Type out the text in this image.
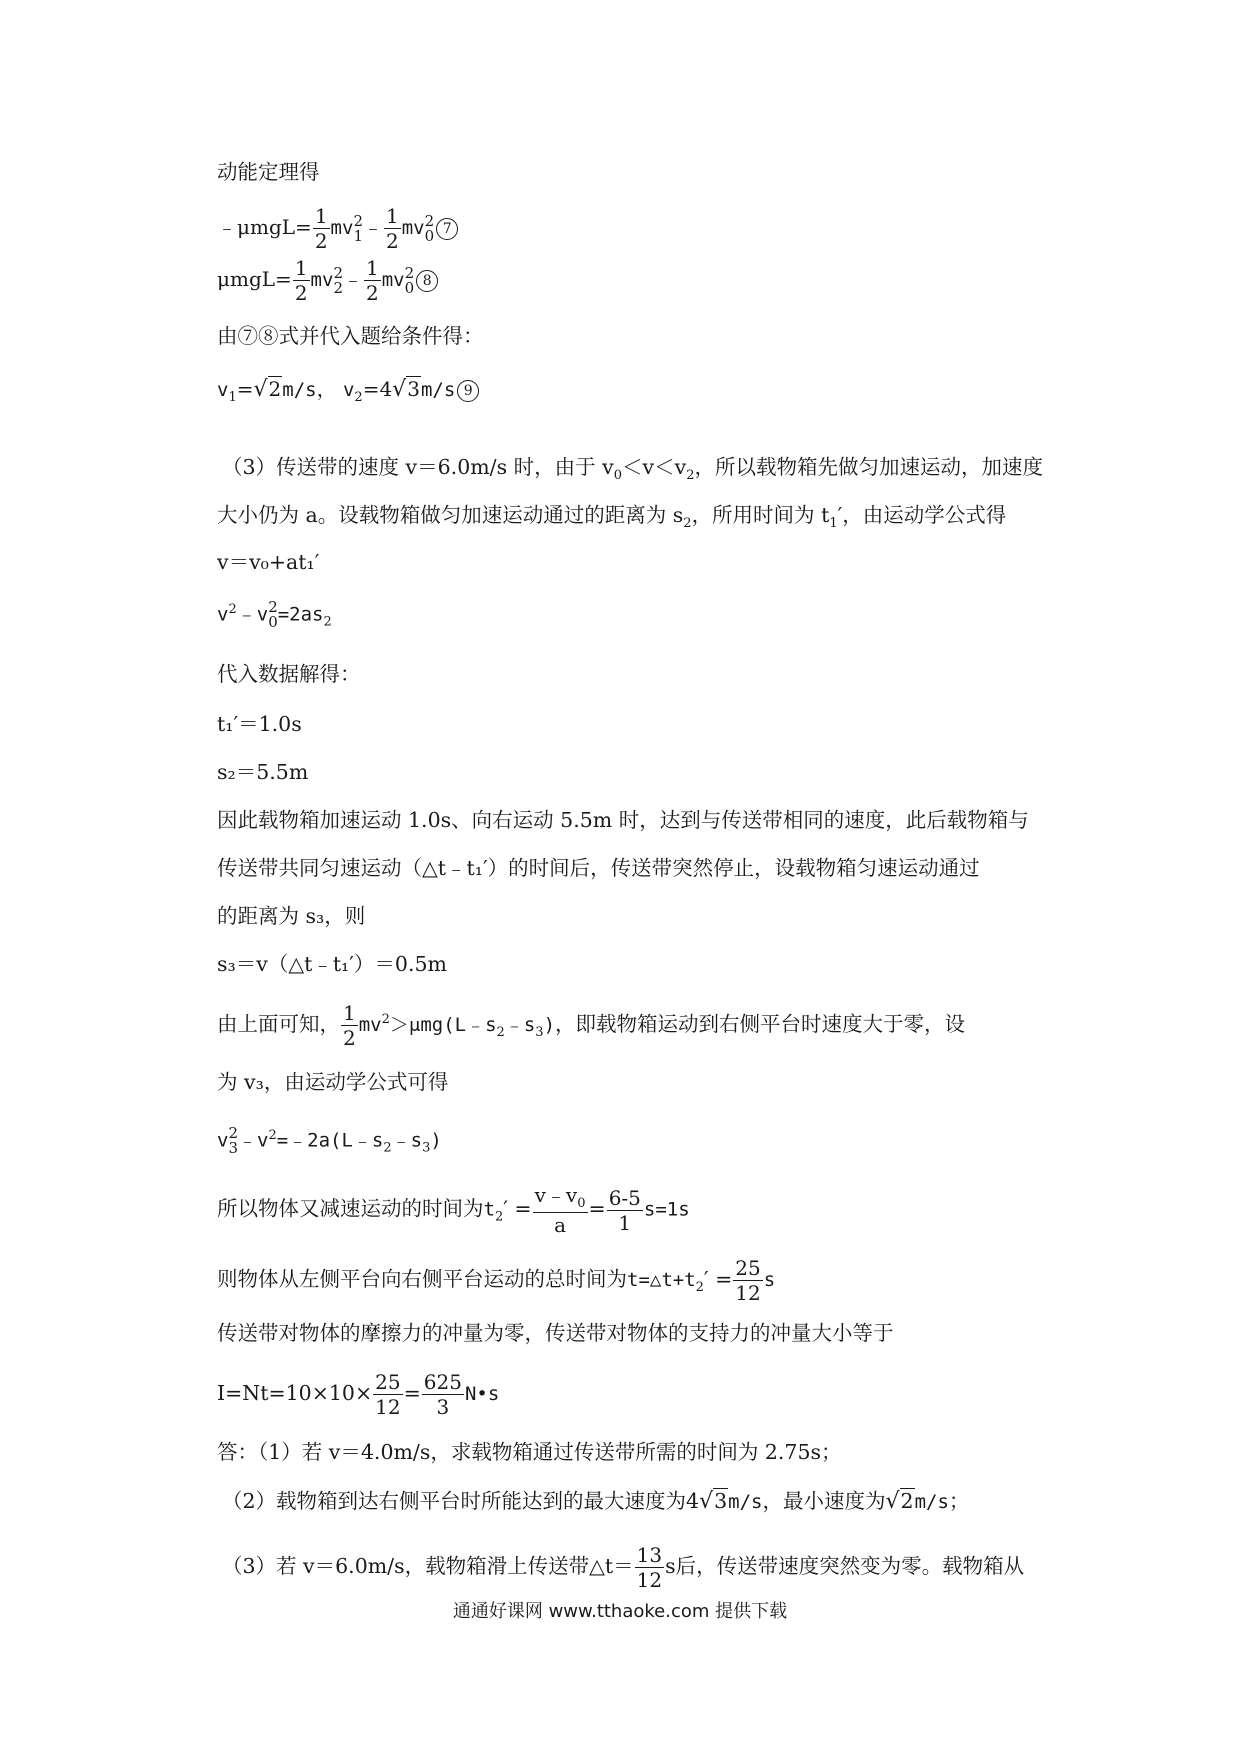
动能定理得
﹣μmgL= $\frac{1}{2}$ mv 2
1 ﹣ $\frac{1}{2}$ mv 2
0 7
$\mu mgL= \frac{1}{2}$ mv 2
2 ﹣ $\frac{1}{2}$ mv 2
0 8
由⑦⑧式并代入题给条件得：
$v_1=√2m/s$， $v_2=4√3m/s$ 9
（3）传送带的速度 v＝6.0m/s 时，由于 $v_0<v<v_2$，所以载物箱先做匀加速运动，加速度
大小仍为 a。设载物箱做匀加速运动通过的距离为 $s_2$，所用时间为 $t_1'$，由运动学公式得
v＝v₀+at₁′
$v^2﹣v$ 2
$0 =2as_2$
代入数据解得：
t₁′＝1.0s
s₂＝5.5m
因此载物箱加速运动 1.0s、向右运动 5.5m 时，达到与传送带相同的速度，此后载物箱与
传送带共同匀速运动（△t﹣t₁′）的时间后，传送带突然停止，设载物箱匀速运动通过
的距离为 s₃，则
s₃＝v（△t﹣t₁′）＝0.5m
由上面可知， $\frac{1}{2}$ $mv^2>\mu mg(L﹣s_2﹣s_3)$，即载物箱运动到右侧平台时速度大于零，设
为 v₃，由运动学公式可得
v 2
3 $﹣v^2=﹣2a(L﹣s_2﹣s_3)$
所以物体又减速运动的时间为$t_2' = \frac{v﹣v_0}{a} = \frac{6-5}{1} s=1s$
则物体从左侧平台向右侧平台运动的总时间为$t=\triangle t+t_2' = \frac{25}{12}$ s
传送带对物体的摩擦力的冲量为零，传送带对物体的支持力的冲量大小等于
$I=Nt=10\times 10\times \frac{25}{12} = \frac{625}{3}$ N•s
答：（1）若 v＝4.0m/s，求载物箱通过传送带所需的时间为 2.75s；
（2）载物箱到达右侧平台时所能达到的最大速度为4√3m/s，最小速度为√2m/s；
（3）若 v＝6.0m/s，载物箱滑上传送带△t＝ $\frac{13}{12}$ s后，传送带速度突然变为零。载物箱从
通通好课网 www.tthaoke.com 提供下载
